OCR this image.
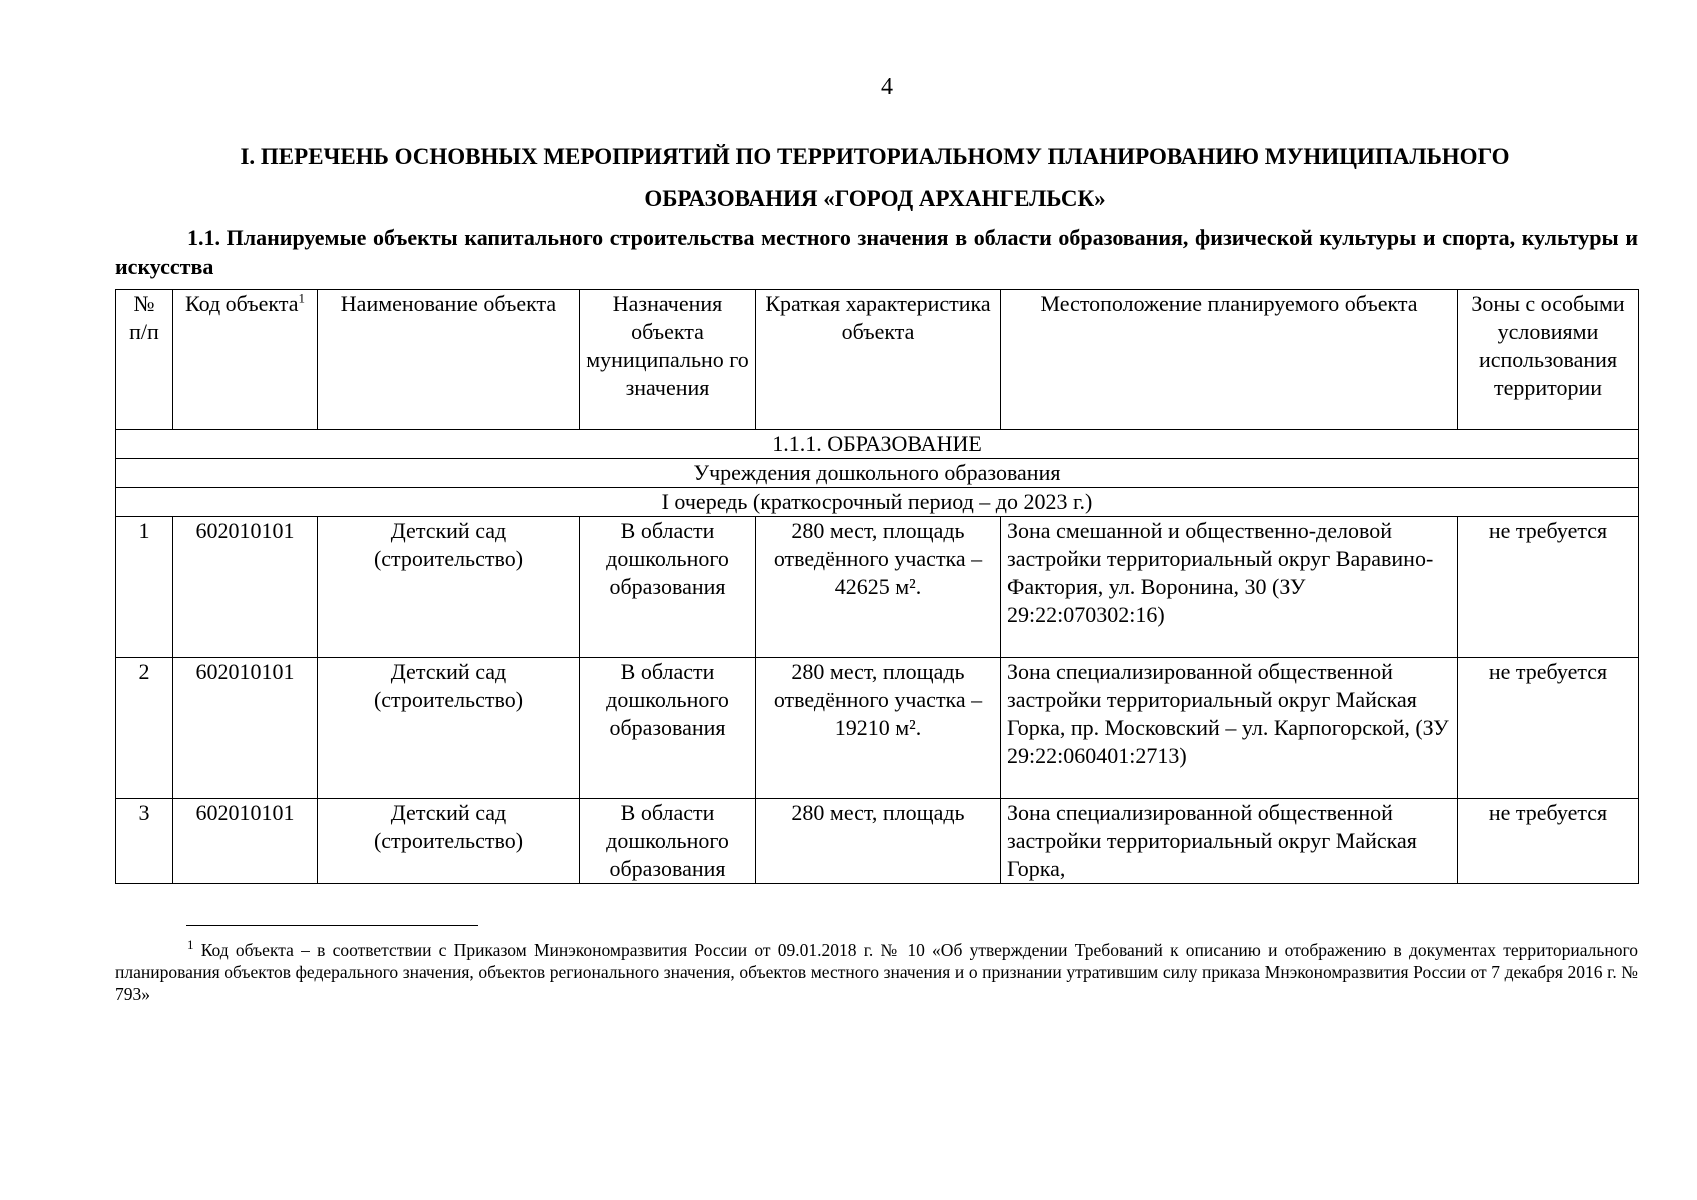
4
I. ПЕРЕЧЕНЬ ОСНОВНЫХ МЕРОПРИЯТИЙ ПО ТЕРРИТОРИАЛЬНОМУ ПЛАНИРОВАНИЮ МУНИЦИПАЛЬНОГО
ОБРАЗОВАНИЯ «ГОРОД АРХАНГЕЛЬСК»
1.1. Планируемые объекты капитального строительства местного значения в области образования, физической культуры и спорта, культуры и искусства
№ п/п	Код объекта$^1$	Наименование объекта	Назначения объекта муниципально го значения	Краткая характеристика объекта	Местоположение планируемого объекта	Зоны с особыми условиями использования территории
1.1.1. ОБРАЗОВАНИЕ						
Учреждения дошкольного образования						
I очередь (краткосрочный период – до 2023 г.)						
1	602010101	Детский сад (строительство)	В области дошкольного образования	280 мест, площадь отведённого участка – 42625 м².	Зона смешанной и общественно-деловой застройки территориальный округ Варавино-Фактория, ул. Воронина, 30 (ЗУ 29:22:070302:16)	не требуется
2	602010101	Детский сад (строительство)	В области дошкольного образования	280 мест, площадь отведённого участка – 19210 м².	Зона специализированной общественной застройки территориальный округ Майская Горка, пр. Московский – ул. Карпогорской, (ЗУ 29:22:060401:2713)	не требуется
3	602010101	Детский сад (строительство)	В области дошкольного образования	280 мест, площадь	Зона специализированной общественной застройки территориальный округ Майская Горка,	не требуется
$^1$ Код объекта – в соответствии с Приказом Минэкономразвития России от 09.01.2018 г. № 10 «Об утверждении Требований к описанию и отображению в документах территориального планирования объектов федерального значения, объектов регионального значения, объектов местного значения и о признании утратившим силу приказа Мнэкономразвития России от 7 декабря 2016 г. № 793»
